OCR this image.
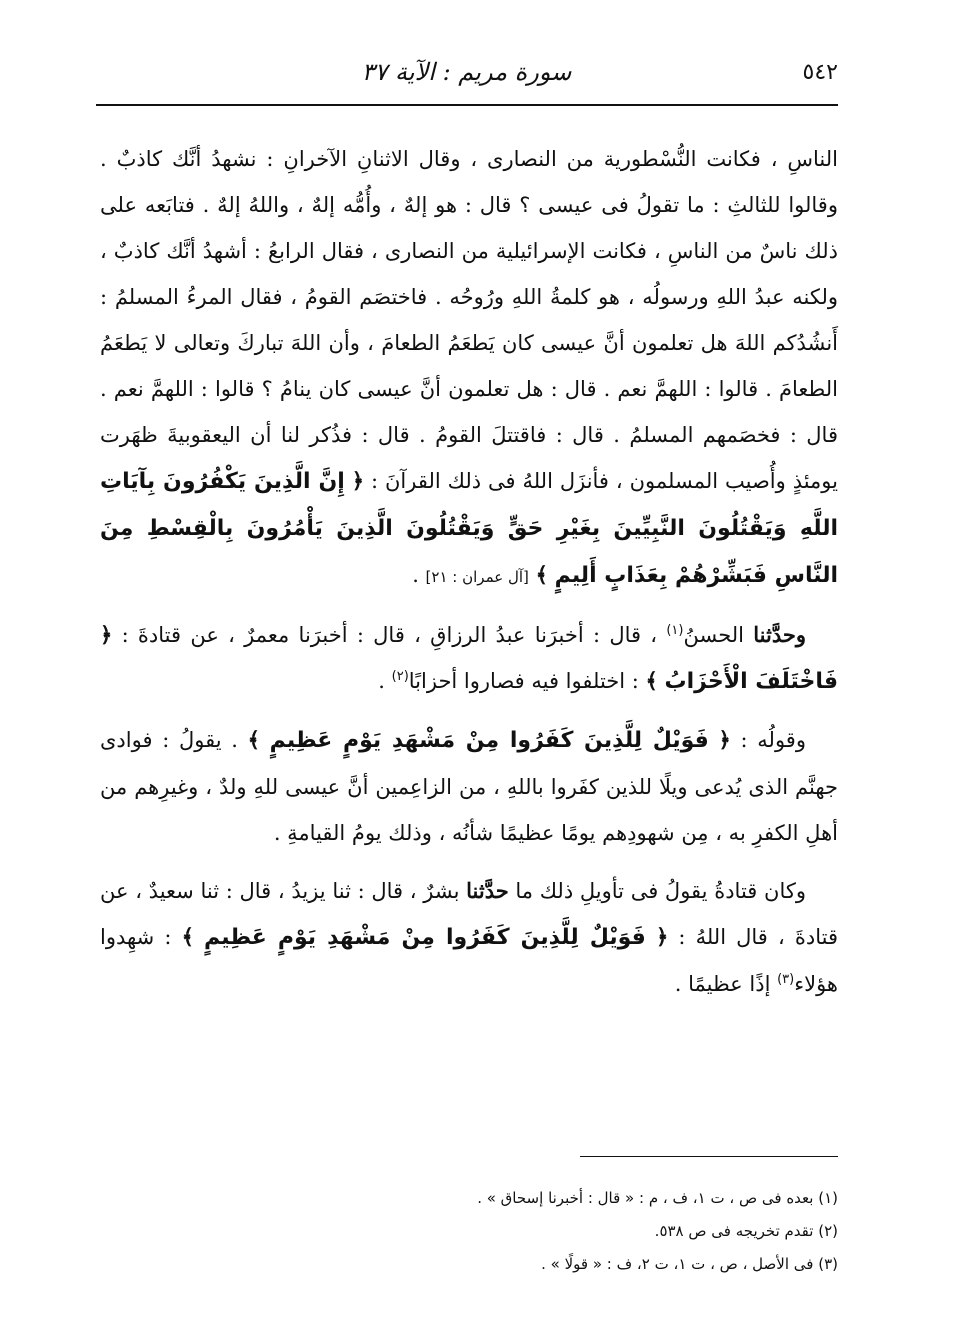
٥٤٢
سورة مريم : الآية ٣٧

الناسِ ، فكانت النُّسْطورية من النصارى ، وقال الاثنانِ الآخرانِ : نشهدُ أنَّك كاذبٌ . وقالوا للثالثِ : ما تقولُ فى عيسى ؟ قال : هو إلهٌ ، وأُمُّه إلهٌ ، واللهُ إلهٌ . فتابَعه على ذلك ناسٌ من الناسِ ، فكانت الإسرائيلية من النصارى ، فقال الرابعُ : أشهدُ أنَّك كاذبٌ ، ولكنه عبدُ اللهِ ورسولُه ، هو كلمةُ اللهِ ورُوحُه . فاختصَم القومُ ، فقال المرءُ المسلمُ : أَنشُدُكم اللهَ هل تعلمون أنَّ عيسى كان يَطعَمُ الطعامَ ، وأن اللهَ تباركَ وتعالى لا يَطعَمُ الطعامَ . قالوا : اللهمَّ نعم . قال : هل تعلمون أنَّ عيسى كان ينامُ ؟ قالوا : اللهمَّ نعم . قال : فخصَمهم المسلمُ . قال : فاقتتلَ القومُ . قال : فذُكر لنا أن اليعقوبيةَ ظهَرت يومئذٍ وأُصيب المسلمون ، فأنزَل اللهُ فى ذلك القرآنَ : ﴿ إِنَّ الَّذِينَ يَكْفُرُونَ بِآيَاتِ اللَّهِ وَيَقْتُلُونَ النَّبِيِّينَ بِغَيْرِ حَقٍّ وَيَقْتُلُونَ الَّذِينَ يَأْمُرُونَ بِالْقِسْطِ مِنَ النَّاسِ فَبَشِّرْهُمْ بِعَذَابٍ أَلِيمٍ ﴾ [آل عمران : ٢١] .

وحدَّثنا الحسنُ$^{(١)}$ ، قال : أخبرَنا عبدُ الرزاقِ ، قال : أخبرَنا معمرٌ ، عن قتادةَ : ﴿ فَاخْتَلَفَ الْأَحْزَابُ ﴾ : اختلفوا فيه فصاروا أحزابًا$^{(٢)}$ .

وقولُه : ﴿ فَوَيْلٌ لِلَّذِينَ كَفَرُوا مِنْ مَشْهَدِ يَوْمٍ عَظِيمٍ ﴾ . يقولُ : فوادى جهنَّم الذى يُدعى ويلًا للذين كفَروا باللهِ ، من الزاعِمين أنَّ عيسى للهِ ولدٌ ، وغيرِهم من أهلِ الكفرِ به ، مِن شهودِهم يومًا عظيمًا شأنُه ، وذلك يومُ القيامةِ .

وكان قتادةُ يقولُ فى تأويلِ ذلك ما حدَّثنا بشرٌ ، قال : ثنا يزيدُ ، قال : ثنا سعيدٌ ، عن قتادةَ ، قال اللهُ : ﴿ فَوَيْلٌ لِلَّذِينَ كَفَرُوا مِنْ مَشْهَدِ يَوْمٍ عَظِيمٍ ﴾ : شهِدوا هؤلاء$^{(٣)}$ إذًا عظيمًا .

(١) بعده فى ص ، ت ١، ف ، م : « قال : أخبرنا إسحاق » .

(٢) تقدم تخريجه فى ص ٥٣٨.

(٣) فى الأصل ، ص ، ت ١، ت ٢، ف : « قولًا » .
